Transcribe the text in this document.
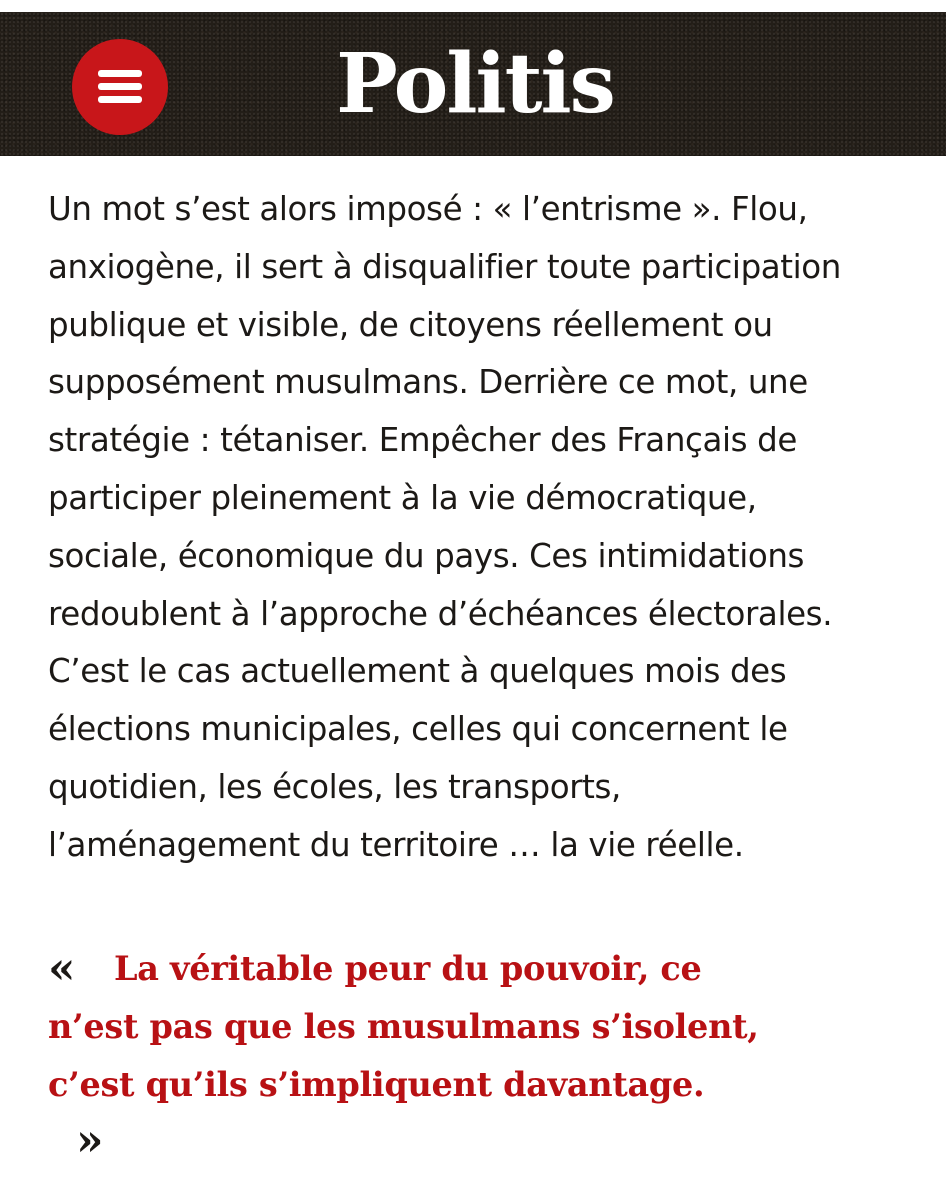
Politis

Un mot s’est alors imposé : « l’entrisme ». Flou,
anxiogène, il sert à disqualifier toute participation
publique et visible, de citoyens réellement ou
supposément musulmans. Derrière ce mot, une
stratégie : tétaniser. Empêcher des Français de
participer pleinement à la vie démocratique,
sociale, économique du pays. Ces intimidations
redoublent à l’approche d’échéances électorales.
C’est le cas actuellement à quelques mois des
élections municipales, celles qui concernent le
quotidien, les écoles, les transports,
l’aménagement du territoire … la vie réelle.

«	La véritable peur du pouvoir, ce
n’est pas que les musulmans s’isolent,
c’est qu’ils s’impliquent davantage.
»
